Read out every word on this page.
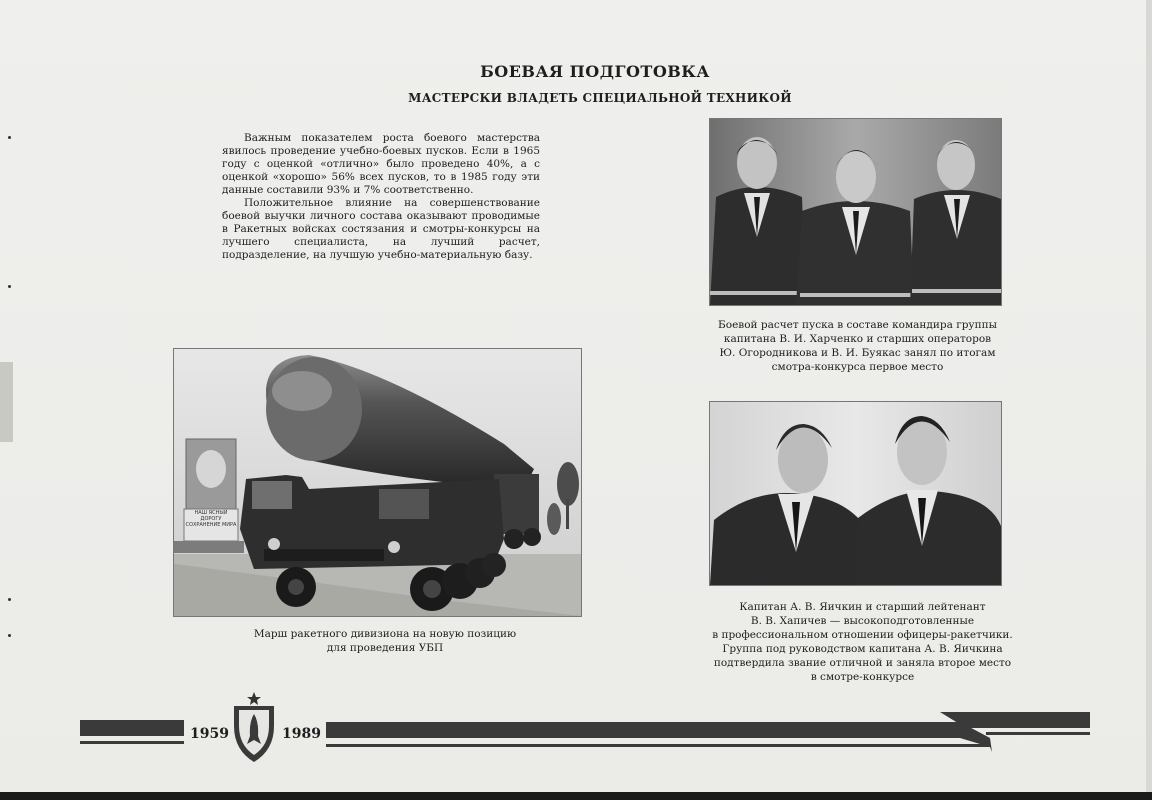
БОЕВАЯ ПОДГОТОВКА
МАСТЕРСКИ ВЛАДЕТЬ СПЕЦИАЛЬНОЙ ТЕХНИКОЙ

Важным показателем роста боевого мастерства явилось проведение учебно-боевых пусков. Если в 1965 году с оценкой «отлично» было проведено 40%, а с оценкой «хорошо» 56% всех пусков, то в 1985 году эти данные составили 93% и 7% соответственно.

Положительное влияние на совершенствование боевой выучки личного состава оказывают проводимые в Ракетных войсках состязания и смотры-конкурсы на лучшего специалиста, на лучший расчет, подразделение, на лучшую учебно-материальную базу.

Боевой расчет пуска в составе командира группы
капитана В. И. Харченко и старших операторов
Ю. Огородникова и В. И. Буякас занял по итогам
смотра-конкурса первое место
НАШ ЯСНЫЙ ДОРОГУ СОХРАНЕНИЕ МИРА
Марш ракетного дивизиона на новую позицию
для проведения УБП
Капитан А. В. Яичкин и старший лейтенант
В. В. Хапичев — высокоподготовленные
в профессиональном отношении офицеры-ракетчики.
Группа под руководством капитана А. В. Яичкина
подтвердила звание отличной и заняла второе место
в смотре-конкурсе
1959	1989
